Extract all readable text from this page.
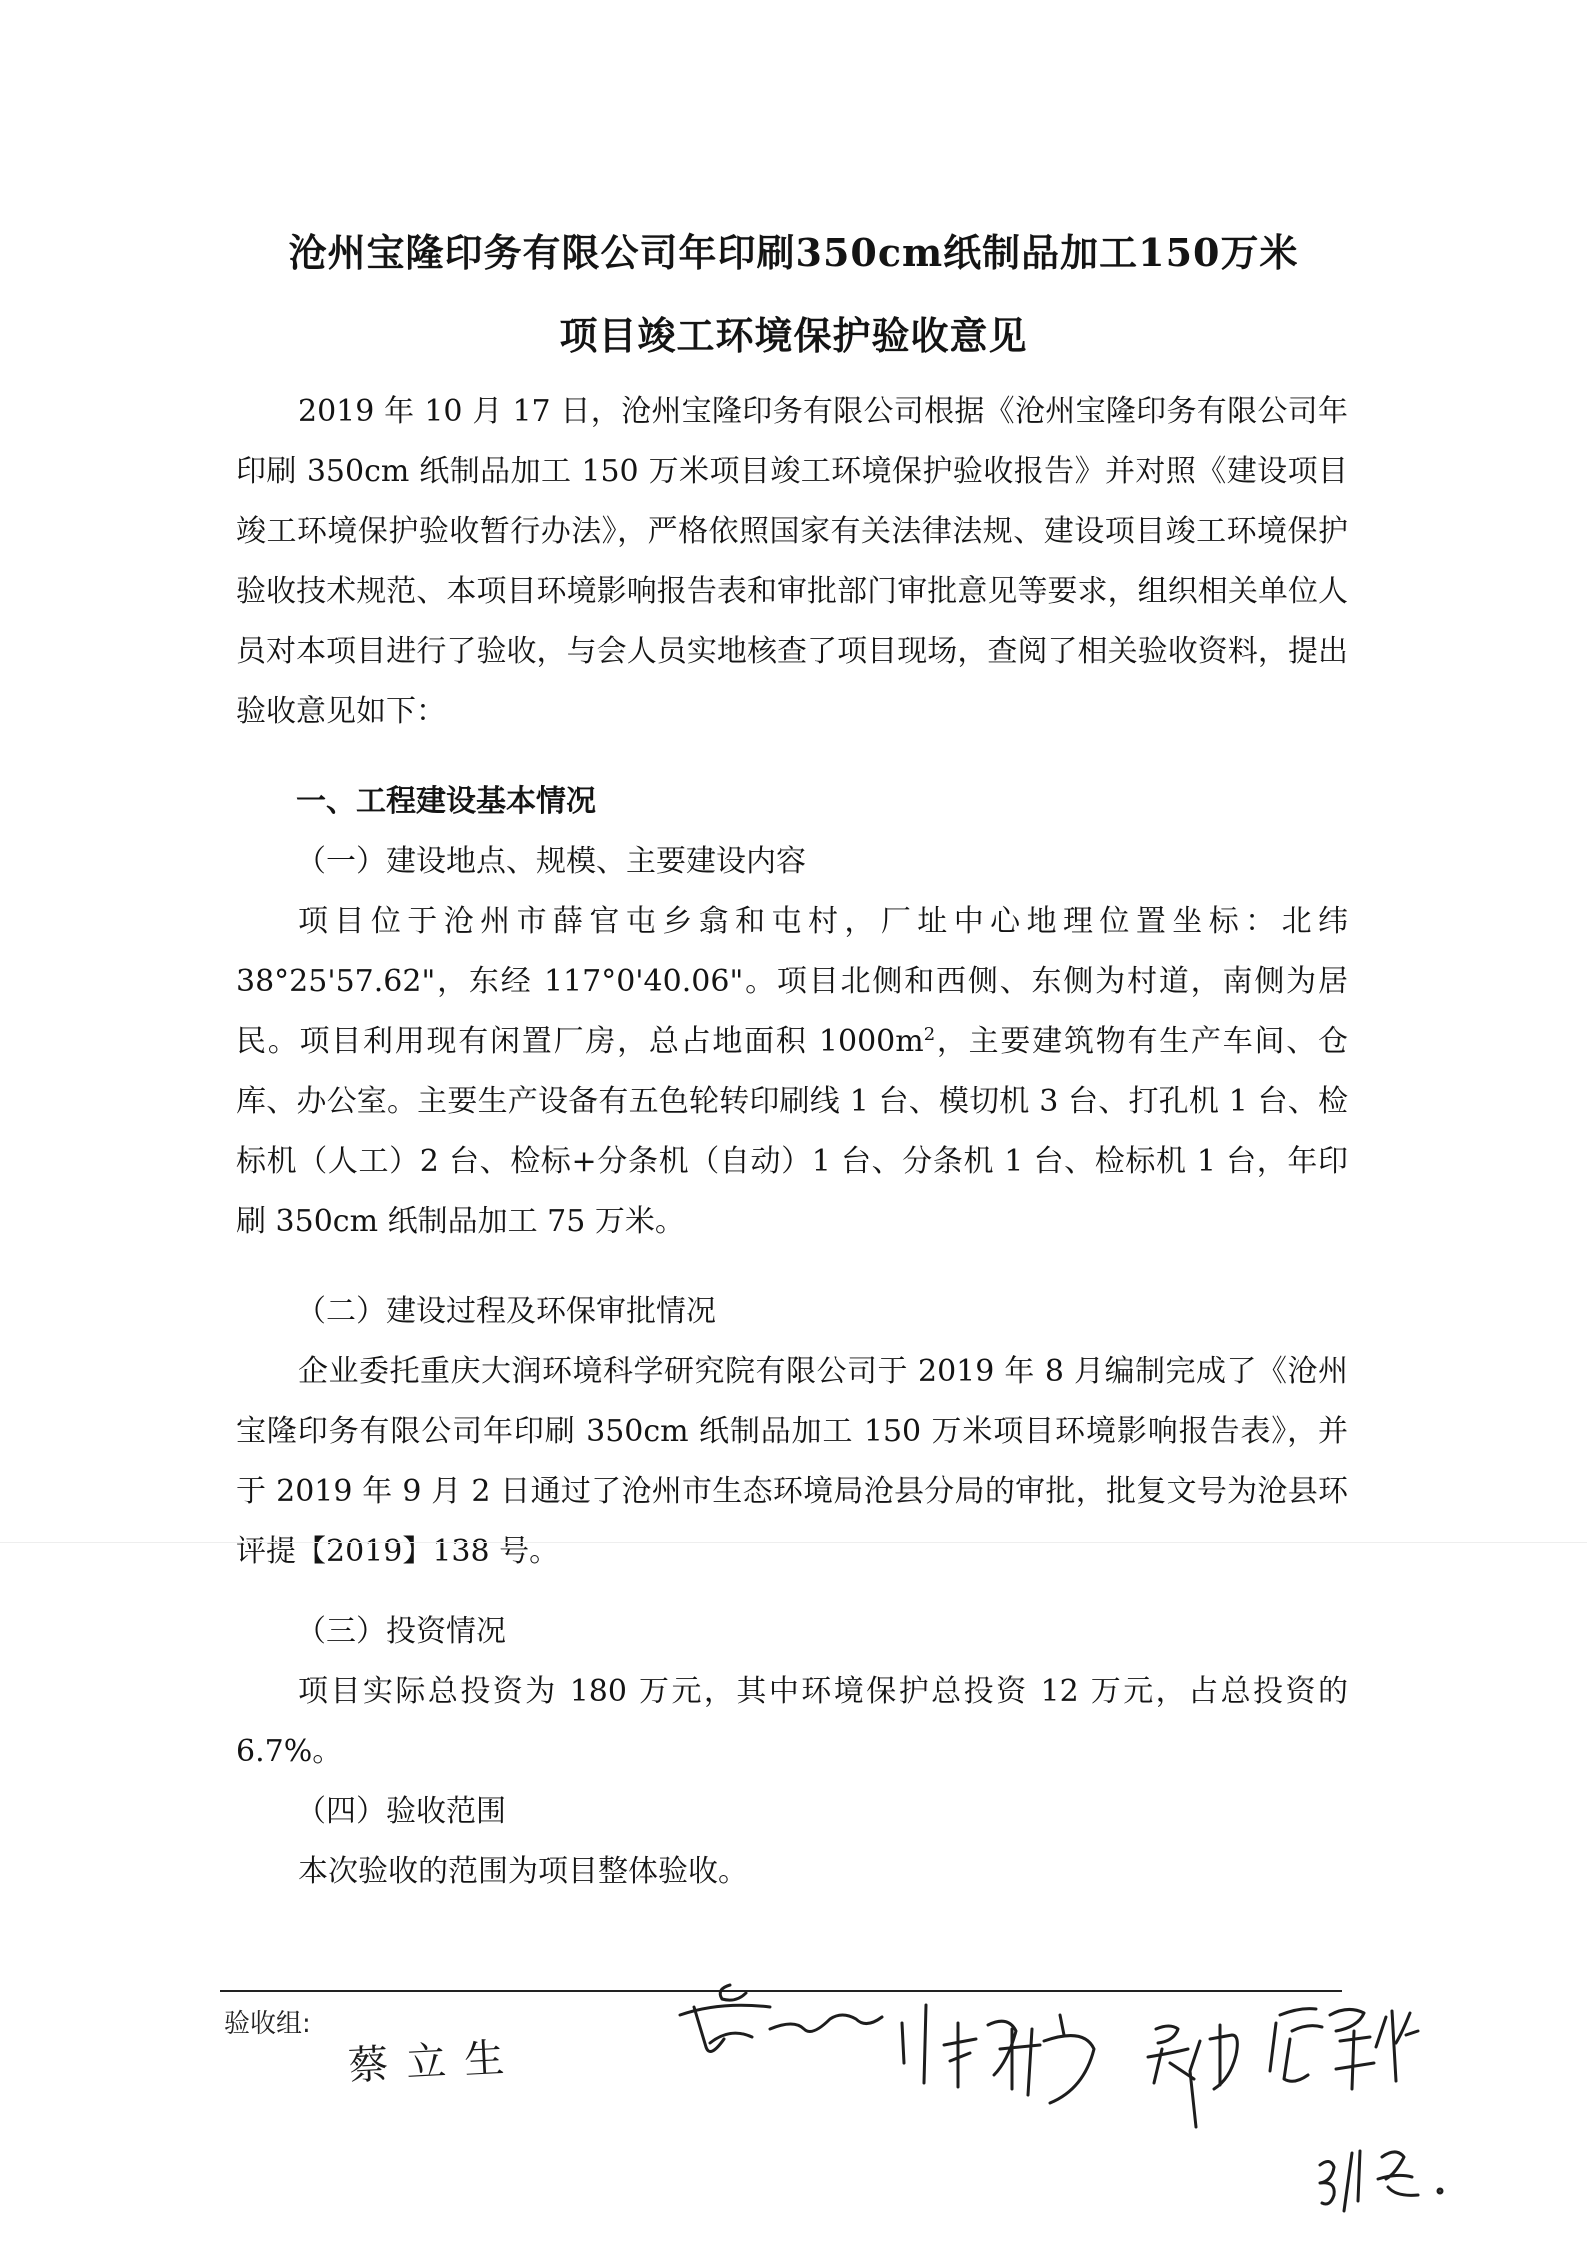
沧州宝隆印务有限公司年印刷350cm纸制品加工150万米
项目竣工环境保护验收意见

2019 年 10 月 17 日，沧州宝隆印务有限公司根据《沧州宝隆印务有限公司年印刷 350cm 纸制品加工 150 万米项目竣工环境保护验收报告》并对照《建设项目竣工环境保护验收暂行办法》，严格依照国家有关法律法规、建设项目竣工环境保护验收技术规范、本项目环境影响报告表和审批部门审批意见等要求，组织相关单位人员对本项目进行了验收，与会人员实地核查了项目现场，查阅了相关验收资料，提出验收意见如下：

一、工程建设基本情况
（一）建设地点、规模、主要建设内容

项目位于沧州市薛官屯乡翕和屯村，厂址中心地理位置坐标：北纬 38°25'57.62"，东经 117°0'40.06"。项目北侧和西侧、东侧为村道，南侧为居民。项目利用现有闲置厂房，总占地面积 $1000m^2$，主要建筑物有生产车间、仓库、办公室。主要生产设备有五色轮转印刷线 1 台、模切机 3 台、打孔机 1 台、检标机（人工）2 台、检标+分条机（自动）1 台、分条机 1 台、检标机 1 台，年印刷 350cm 纸制品加工 75 万米。

（二）建设过程及环保审批情况

企业委托重庆大润环境科学研究院有限公司于 2019 年 8 月编制完成了《沧州宝隆印务有限公司年印刷 350cm 纸制品加工 150 万米项目环境影响报告表》，并于 2019 年 9 月 2 日通过了沧州市生态环境局沧县分局的审批，批复文号为沧县环评提【2019】138 号。

（三）投资情况

项目实际总投资为 180 万元，其中环境保护总投资 12 万元，占总投资的 6.7%。

（四）验收范围

本次验收的范围为项目整体验收。

验收组:
蔡立生
